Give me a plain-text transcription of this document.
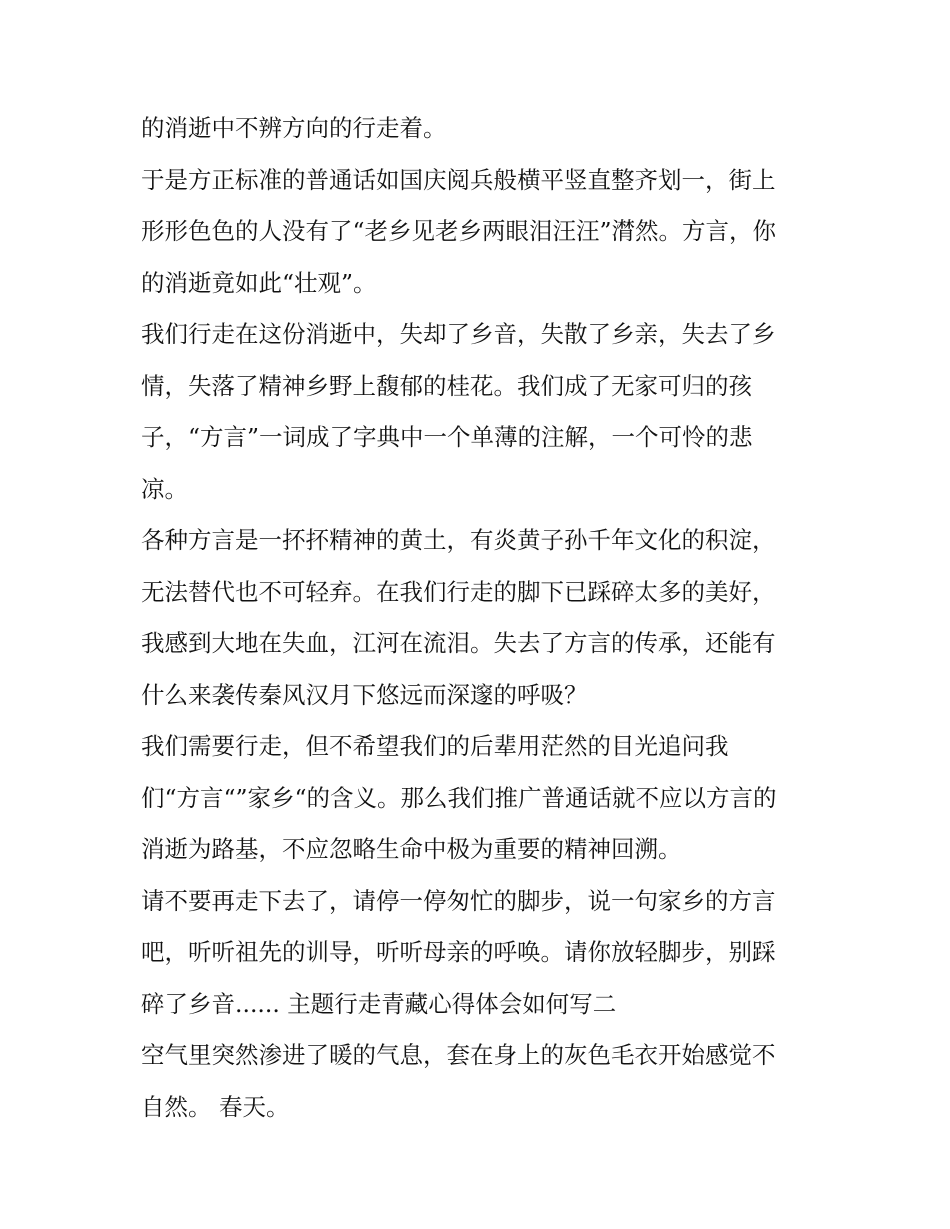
的消逝中不辨方向的行走着。
于是方正标准的普通话如国庆阅兵般横平竖直整齐划一，街上
形形色色的人没有了“老乡见老乡两眼泪汪汪”潸然。方言，你
的消逝竟如此“壮观”。
我们行走在这份消逝中，失却了乡音，失散了乡亲，失去了乡
情，失落了精神乡野上馥郁的桂花。我们成了无家可归的孩
子，“方言”一词成了字典中一个单薄的注解，一个可怜的悲
凉。
各种方言是一抔抔精神的黄土，有炎黄子孙千年文化的积淀，
无法替代也不可轻弃。在我们行走的脚下已踩碎太多的美好，
我感到大地在失血，江河在流泪。失去了方言的传承，还能有
什么来袭传秦风汉月下悠远而深邃的呼吸？
我们需要行走，但不希望我们的后辈用茫然的目光追问我
们“方言“”家乡“的含义。那么我们推广普通话就不应以方言的
消逝为路基，不应忽略生命中极为重要的精神回溯。
请不要再走下去了，请停一停匆忙的脚步，说一句家乡的方言
吧，听听祖先的训导，听听母亲的呼唤。请你放轻脚步，别踩
碎了乡音...... 主题行走青藏心得体会如何写二
空气里突然渗进了暖的气息，套在身上的灰色毛衣开始感觉不
自然。 春天。
